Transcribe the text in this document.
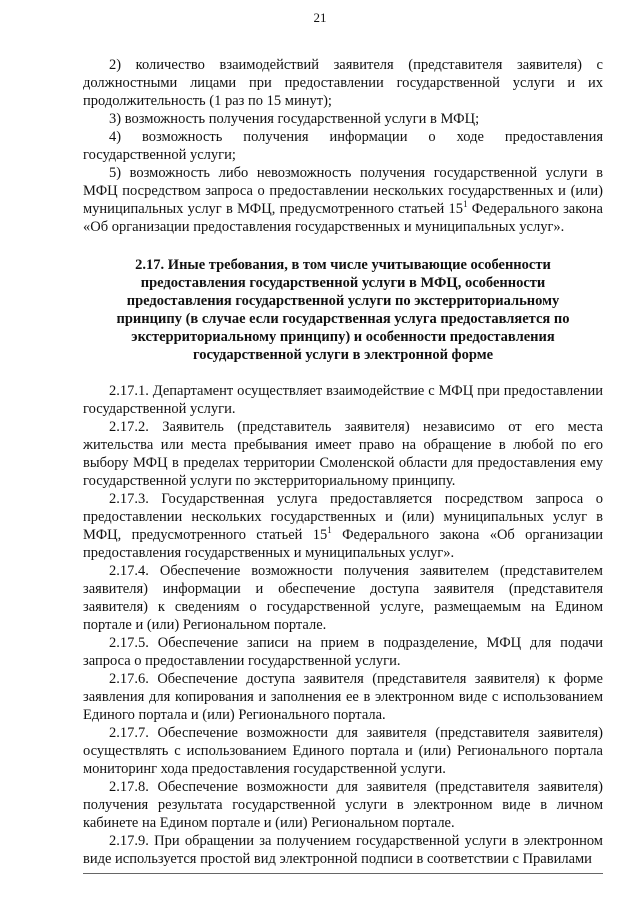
21

2) количество взаимодействий заявителя (представителя заявителя) с должностными лицами при предоставлении государственной услуги и их продолжительность (1 раз по 15 минут);

3) возможность получения государственной услуги в МФЦ;

4) возможность получения информации о ходе предоставления государственной услуги;

5) возможность либо невозможность получения государственной услуги в МФЦ посредством запроса о предоставлении нескольких государственных и (или) муниципальных услуг в МФЦ, предусмотренного статьей $15^1$ Федерального закона «Об организации предоставления государственных и муниципальных услуг».

2.17. Иные требования, в том числе учитывающие особенности предоставления государственной услуги в МФЦ, особенности предоставления государственной услуги по экстерриториальному принципу (в случае если государственная услуга предоставляется по экстерриториальному принципу) и особенности предоставления государственной услуги в электронной форме

2.17.1. Департамент осуществляет взаимодействие с МФЦ при предоставлении государственной услуги.

2.17.2. Заявитель (представитель заявителя) независимо от его места жительства или места пребывания имеет право на обращение в любой по его выбору МФЦ в пределах территории Смоленской области для предоставления ему государственной услуги по экстерриториальному принципу.

2.17.3. Государственная услуга предоставляется посредством запроса о предоставлении нескольких государственных и (или) муниципальных услуг в МФЦ, предусмотренного статьей $15^1$ Федерального закона «Об организации предоставления государственных и муниципальных услуг».

2.17.4. Обеспечение возможности получения заявителем (представителем заявителя) информации и обеспечение доступа заявителя (представителя заявителя) к сведениям о государственной услуге, размещаемым на Едином портале и (или) Региональном портале.

2.17.5. Обеспечение записи на прием в подразделение, МФЦ для подачи запроса о предоставлении государственной услуги.

2.17.6. Обеспечение доступа заявителя (представителя заявителя) к форме заявления для копирования и заполнения ее в электронном виде с использованием Единого портала и (или) Регионального портала.

2.17.7. Обеспечение возможности для заявителя (представителя заявителя) осуществлять с использованием Единого портала и (или) Регионального портала мониторинг хода предоставления государственной услуги.

2.17.8. Обеспечение возможности для заявителя (представителя заявителя) получения результата государственной услуги в электронном виде в личном кабинете на Едином портале и (или) Региональном портале.

2.17.9. При обращении за получением государственной услуги в электронном виде используется простой вид электронной подписи в соответствии с Правилами
